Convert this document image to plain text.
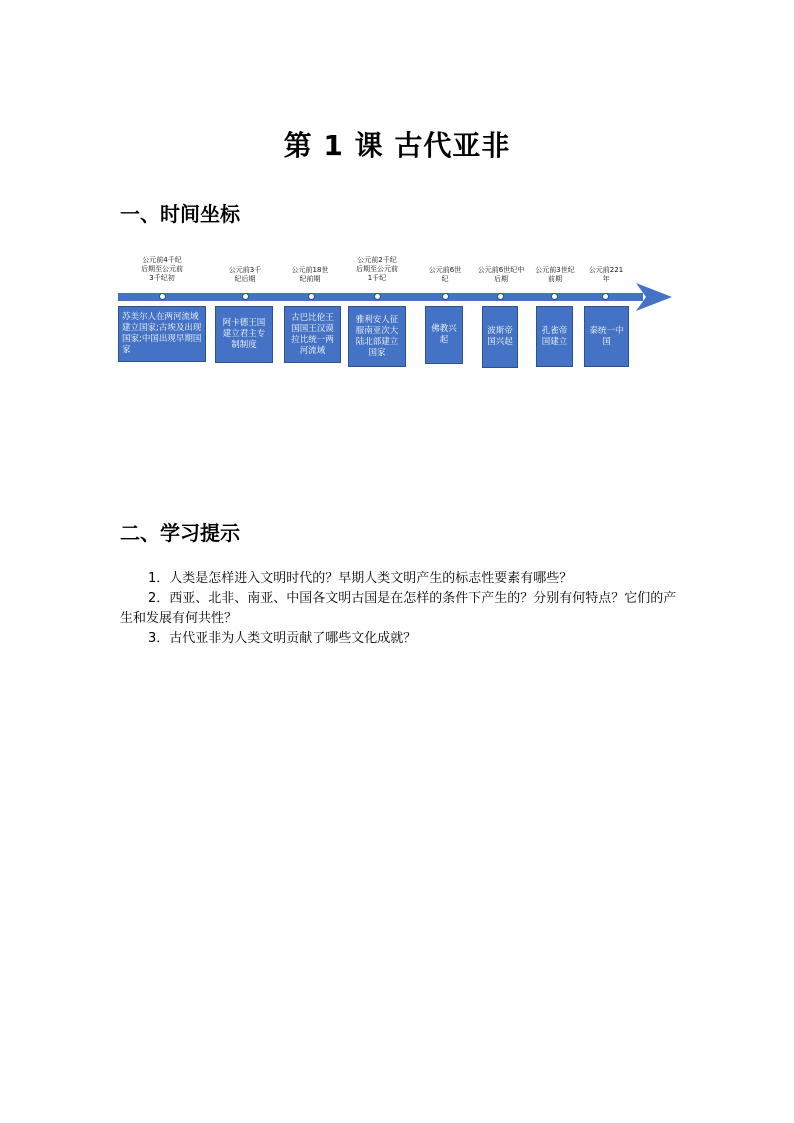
第 1 课 古代亚非
一、时间坐标
公元前4千纪后期至公元前3千纪初
苏美尔人在两河流域建立国家;古埃及出现国家;中国出现早期国家
公元前3千纪后期
阿卡德王国建立君主专制制度
公元前18世纪前期
古巴比伦王国国王汉谟拉比统一两河流域
公元前2千纪后期至公元前1千纪
雅利安人征服南亚次大陆北部建立国家
公元前6世纪
佛教兴起
公元前6世纪中后期
波斯帝国兴起
公元前3世纪前期
孔雀帝国建立
公元前221年
秦统一中国
二、学习提示

1．人类是怎样进入文明时代的？早期人类文明产生的标志性要素有哪些？

2．西亚、北非、南亚、中国各文明古国是在怎样的条件下产生的？分别有何特点？它们的产生和发展有何共性？

3．古代亚非为人类文明贡献了哪些文化成就？
